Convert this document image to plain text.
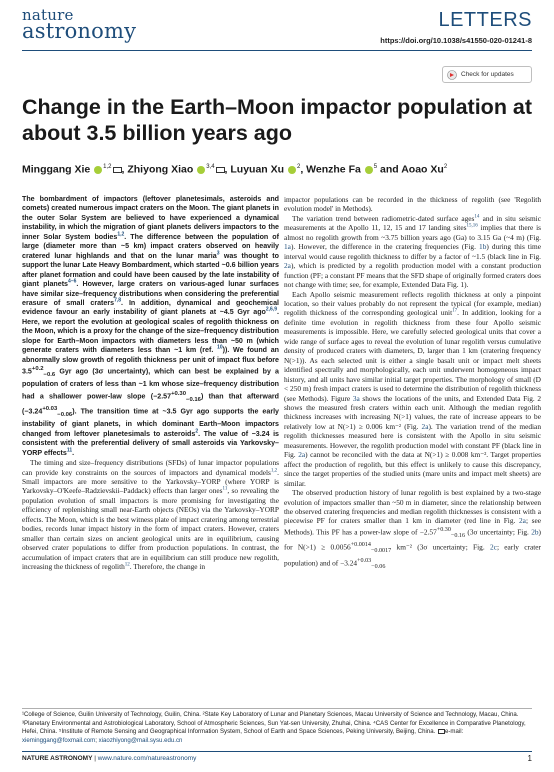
nature
astronomy	LETTERS
https://doi.org/10.1038/s41550-020-01241-8
Check for updates
Change in the Earth–Moon impactor population at about 3.5 billion years ago
Minggang Xie $^{1,2}$ , Zhiyong Xiao $^{3,4}$ , Luyuan Xu $^2$, Wenzhe Fa $^5$ and Aoao Xu$^2$

The bombardment of impactors (leftover planetesimals, asteroids and comets) created numerous impact craters on the Moon. The giant planets in the outer Solar System are believed to have experienced a dynamical instability, in which the migration of giant planets delivers impactors to the inner Solar System bodies$^{1,2}$. The difference between the population of large (diameter more than ~5 km) impact craters observed on heavily cratered lunar highlands and that on the lunar maria$^3$ was thought to support the lunar Late Heavy Bombardment, which started ~0.6 billion years after planet formation and could have been caused by the late instability of giant planets$^{4-6}$. However, large craters on various-aged lunar surfaces have similar size–frequency distributions when considering the preferential erasure of small craters$^{7,8}$. In addition, dynamical and geochemical evidence favour an early instability of giant planets at ~4.5 Gyr ago$^{2,6,9}$. Here, we report the evolution at geological scales of regolith thickness on the Moon, which is a proxy for the change of the size–frequency distribution slope for Earth–Moon impactors with diameters less than ~50 m (which generate craters with diameters less than ~1 km (ref. $^{10}$)). We found an abnormally slow growth of regolith thickness per unit of impact flux before $3.5^{+0.2}_{-0.6}$ Gyr ago (3σ uncertainty), which can best be explained by a population of craters of less than ~1 km whose size–frequency distribution had a shallower power-law slope $(-2.57^{+0.30}_{-0.16})$ than that afterward $(-3.24^{+0.03}_{-0.06})$. The transition time at ~3.5 Gyr ago supports the early instability of giant planets, in which dominant Earth–Moon impactors changed from leftover planetesimals to asteroids$^2$. The value of −3.24 is consistent with the preferential delivery of small asteroids via Yarkovsky–YORP effects$^{11}$.

The timing and size–frequency distributions (SFDs) of lunar impactor populations can provide key constraints on the sources of impactors and dynamical models$^{1,2}$. Small impactors are more sensitive to the Yarkovsky–YORP (where YORP is Yarkovsky–O'Keefe–Radzievskii–Paddack) effects than larger ones$^{11}$, so revealing the population evolution of small impactors is more promising for investigating the efficiency of replenishing small near-Earth objects (NEOs) via the Yarkovsky–YORP effects. The Moon, which is the best witness plate of impact cratering among terrestrial bodies, records lunar impact history in the form of impact craters. However, craters smaller than certain sizes on ancient geological units are in equilibrium, causing observed crater populations to differ from production populations. In contrast, the accumulation of impact craters that are in equilibrium can still produce new regolith, increasing the thickness of regolith$^{12}$. Therefore, the change in

impactor populations can be recorded in the thickness of regolith (see 'Regolith evolution model' in Methods).

The variation trend between radiometric-dated surface ages$^{14}$ and in situ seismic measurements at the Apollo 11, 12, 15 and 17 landing sites$^{15,16}$ implies that there is almost no regolith growth from ~3.75 billion years ago (Ga) to 3.15 Ga (~4 m) (Fig. 1a). However, the difference in the cratering frequencies (Fig. 1b) during this time interval would cause regolith thickness to differ by a factor of ~1.5 (black line in Fig. 2a), which is predicted by a regolith production model with a constant production function (PF; a constant PF means that the SFD shape of originally formed craters does not change with time; see, for example, Extended Data Fig. 1).

Each Apollo seismic measurement reflects regolith thickness at only a pinpoint location, so their values probably do not represent the typical (for example, median) regolith thickness of the corresponding geological unit$^{17}$. In addition, looking for a definite time evolution in regolith thickness from these four Apollo seismic measurements is impossible. Here, we carefully selected geological units that cover a wide range of surface ages to reveal the evolution of lunar regolith versus cumulative density of produced craters with diameters, D, larger than 1 km (cratering frequency N(>1)). As each selected unit is either a single basalt unit or impact melt sheets identified spectrally and morphologically, each unit underwent homogeneous impact history, and all units have similar initial target properties. The morphology of small (D < 250 m) fresh impact craters is used to determine the distribution of regolith thickness (see Methods). Figure 3a shows the locations of the units, and Extended Data Fig. 2 shows the measured fresh craters within each unit. Although the median regolith thickness increases with increasing N(>1) values, the rate of increase appears to be relatively low at N(>1) ≥ 0.006 km⁻² (Fig. 2a). The variation trend of the median regolith thicknesses measured here is consistent with the Apollo in situ seismic measurements. However, the regolith production model with constant PF (black line in Fig. 2a) cannot be reconciled with the data at N(>1) ≥ 0.008 km⁻². Target properties affect the production of regolith, but this effect is unlikely to cause this discrepancy, since the target properties of the studied units (mare units and impact melt sheets) are similar.

The observed production history of lunar regolith is best explained by a two-stage evolution of impactors smaller than ~50 m in diameter, since the relationship between the observed cratering frequencies and median regolith thicknesses is consistent with a piecewise PF for craters smaller than 1 km in diameter (red line in Fig. 2a; see Methods). This PF has a power-law slope of $-2.57^{+0.30}_{-0.16}$ (3σ uncertainty; Fig. 2b) for $N(>1) \ge 0.0056^{+0.0014}_{-0.0017}$ km⁻² (3σ uncertainty; Fig. 2c; early crater population) and of $-3.24^{+0.03}_{-0.06}$

¹College of Science, Guilin University of Technology, Guilin, China. ²State Key Laboratory of Lunar and Planetary Sciences, Macau University of Science and Technology, Macau, China. ³Planetary Environmental and Astrobiological Laboratory, School of Atmospheric Sciences, Sun Yat-sen University, Zhuhai, China. ⁴CAS Center for Excellence in Comparative Planetology, Hefei, China. ⁵Institute of Remote Sensing and Geographical Information System, School of Earth and Space Sciences, Peking University, Beijing, China. e-mail: xieminggang@foxmail.com; xiaozhiyong@mail.sysu.edu.cn
NATURE ASTRONOMY | www.nature.com/natureastronomy	1
